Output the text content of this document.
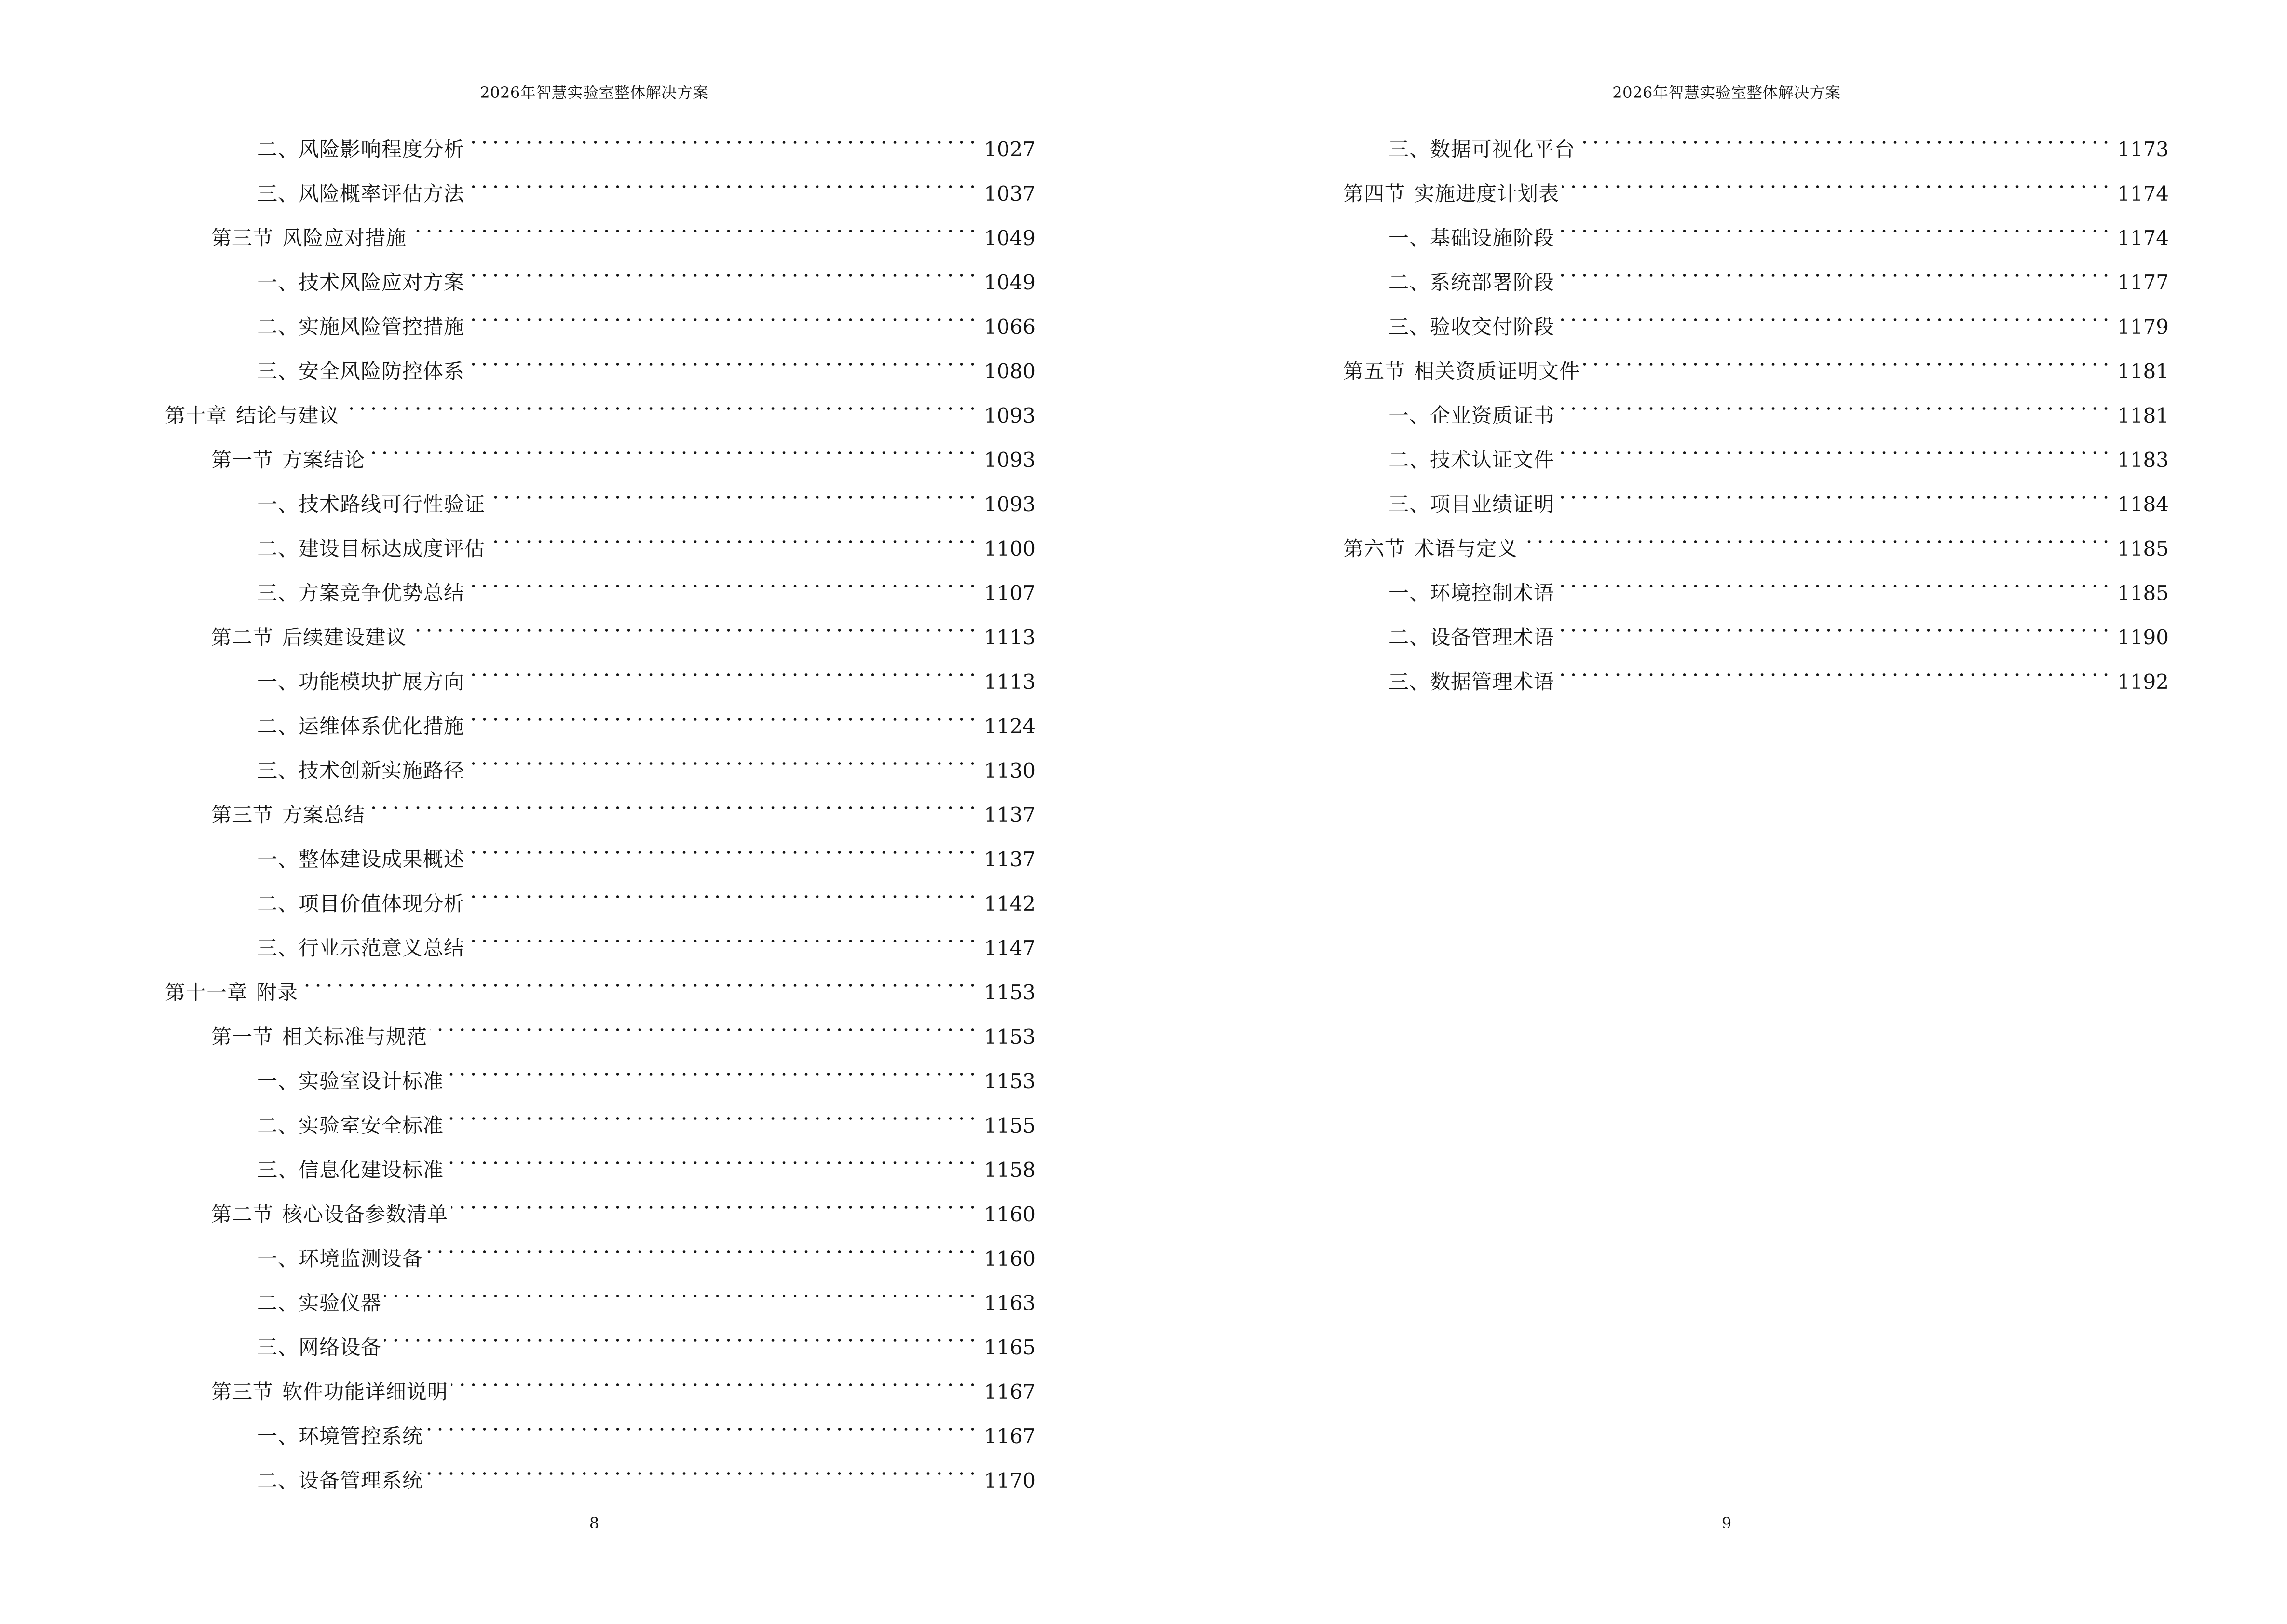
2026年智慧实验室整体解决方案
二、风险影响程度分析	1027
三、风险概率评估方法	1037
第三节 风险应对措施	1049
一、技术风险应对方案	1049
二、实施风险管控措施	1066
三、安全风险防控体系	1080
第十章 结论与建议	1093
第一节 方案结论	1093
一、技术路线可行性验证	1093
二、建设目标达成度评估	1100
三、方案竞争优势总结	1107
第二节 后续建设建议	1113
一、功能模块扩展方向	1113
二、运维体系优化措施	1124
三、技术创新实施路径	1130
第三节 方案总结	1137
一、整体建设成果概述	1137
二、项目价值体现分析	1142
三、行业示范意义总结	1147
第十一章 附录	1153
第一节 相关标准与规范	1153
一、实验室设计标准	1153
二、实验室安全标准	1155
三、信息化建设标准	1158
第二节 核心设备参数清单	1160
一、环境监测设备	1160
二、实验仪器	1163
三、网络设备	1165
第三节 软件功能详细说明	1167
一、环境管控系统	1167
二、设备管理系统	1170
8
2026年智慧实验室整体解决方案
三、数据可视化平台	1173
第四节 实施进度计划表	1174
一、基础设施阶段	1174
二、系统部署阶段	1177
三、验收交付阶段	1179
第五节 相关资质证明文件	1181
一、企业资质证书	1181
二、技术认证文件	1183
三、项目业绩证明	1184
第六节 术语与定义	1185
一、环境控制术语	1185
二、设备管理术语	1190
三、数据管理术语	1192
9
